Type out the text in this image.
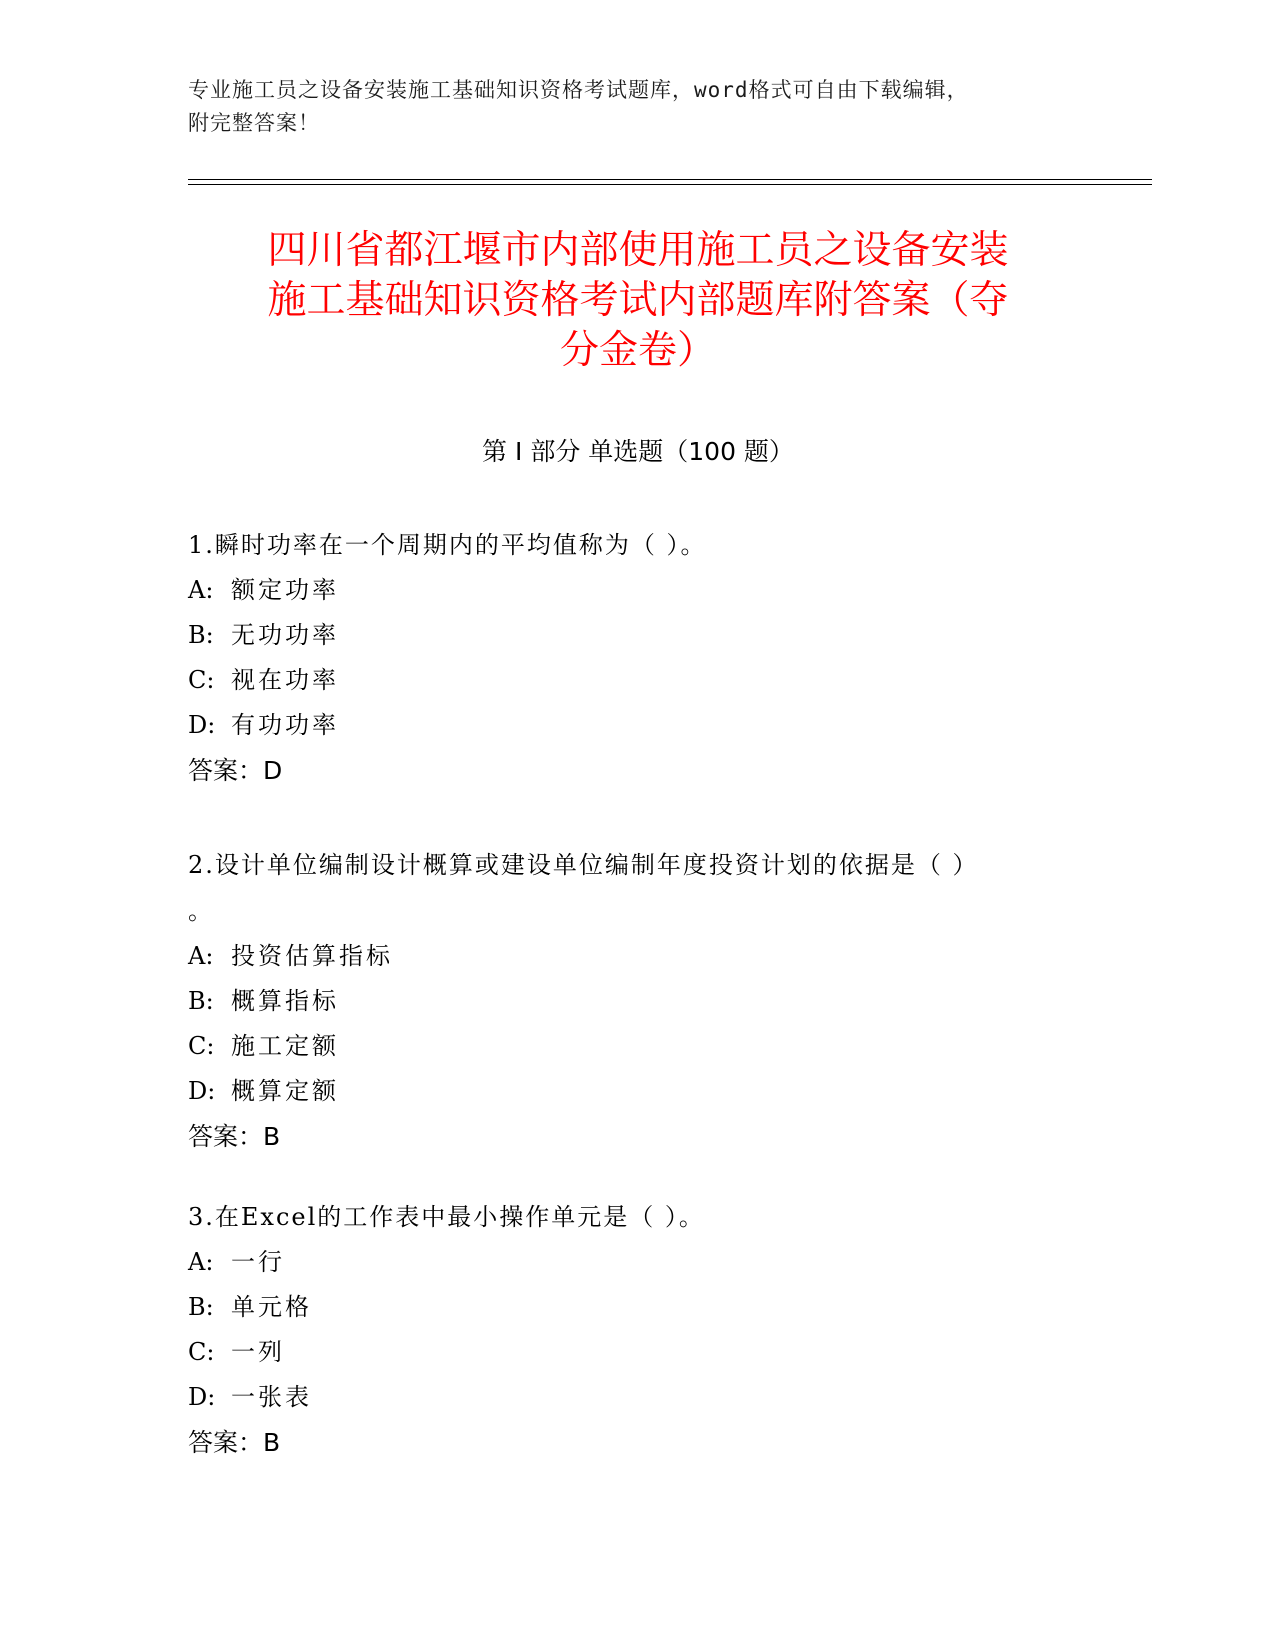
专业施工员之设备安装施工基础知识资格考试题库，word格式可自由下载编辑，
附完整答案！
四川省都江堰市内部使用施工员之设备安装
施工基础知识资格考试内部题库附答案（夺
分金卷）
第 I 部分 单选题（100 题）
1.瞬时功率在一个周期内的平均值称为（ ）。
A: 额定功率
B: 无功功率
C: 视在功率
D: 有功功率
答案：D
2.设计单位编制设计概算或建设单位编制年度投资计划的依据是（ ）
。
A: 投资估算指标
B: 概算指标
C: 施工定额
D: 概算定额
答案：B
3.在Excel的工作表中最小操作单元是（ ）。
A: 一行
B: 单元格
C: 一列
D: 一张表
答案：B
